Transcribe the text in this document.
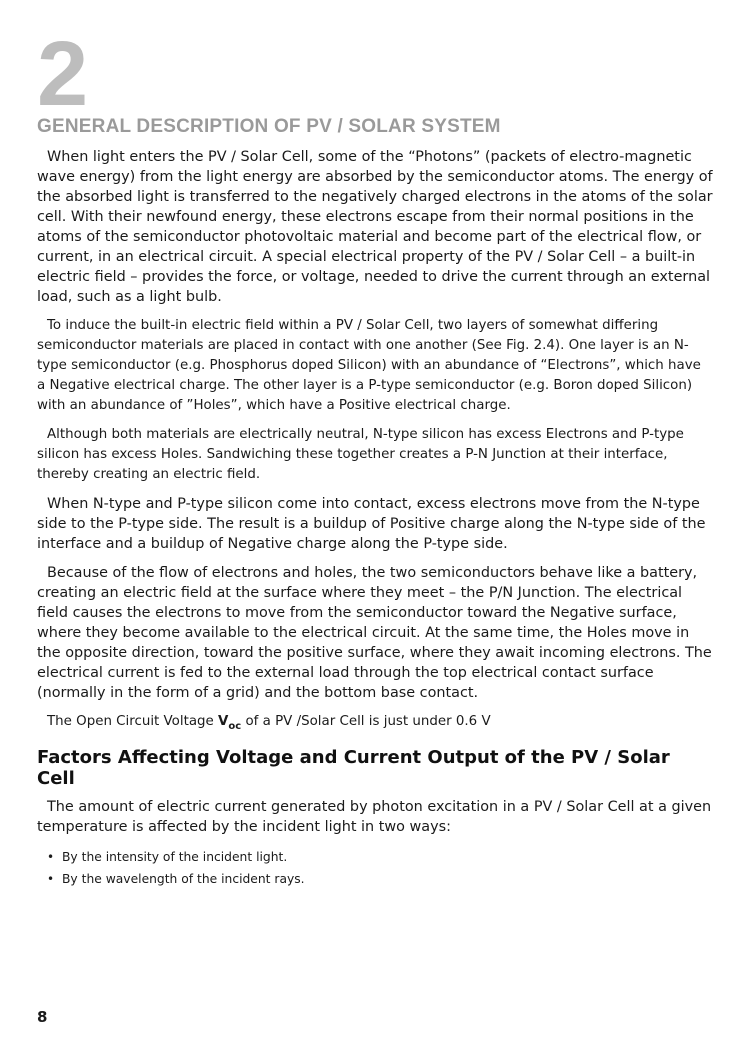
2
GENERAL DESCRIPTION OF PV / SOLAR SYSTEM

When light enters the PV / Solar Cell, some of the “Photons” (packets of electro-magnetic wave energy) from the light energy are absorbed by the semiconductor atoms. The energy of the absorbed light is transferred to the negatively charged electrons in the atoms of the solar cell. With their newfound energy, these electrons escape from their normal positions in the atoms of the semiconductor photovoltaic material and become part of the electrical flow, or current, in an electrical circuit. A special electrical property of the PV / Solar Cell – a built-in electric field – provides the force, or voltage, needed to drive the current through an external load, such as a light bulb.

To induce the built-in electric field within a PV / Solar Cell, two layers of somewhat differing semiconductor materials are placed in contact with one another (See Fig. 2.4). One layer is an N-type semiconductor (e.g. Phosphorus doped Silicon) with an abundance of “Electrons”, which have a Negative electrical charge. The other layer is a P-type semiconductor (e.g. Boron doped Silicon) with an abundance of ”Holes”, which have a Positive electrical charge.

Although both materials are electrically neutral, N-type silicon has excess Electrons and P-type silicon has excess Holes. Sandwiching these together creates a P-N Junction at their interface, thereby creating an electric field.

When N-type and P-type silicon come into contact, excess electrons move from the N-type side to the P-type side. The result is a buildup of Positive charge along the N-type side of the interface and a buildup of Negative charge along the P-type side.

Because of the flow of electrons and holes, the two semiconductors behave like a battery, creating an electric field at the surface where they meet – the P/N Junction. The electrical field causes the electrons to move from the semiconductor toward the Negative surface, where they become available to the electrical circuit. At the same time, the Holes move in the opposite direction, toward the positive surface, where they await incoming electrons. The electrical current is fed to the external load through the top electrical contact surface (normally in the form of a grid) and the bottom base contact.

The Open Circuit Voltage $V_{oc}$ of a PV /Solar Cell is just under 0.6 V

Factors Affecting Voltage and Current Output of the PV / Solar Cell

The amount of electric current generated by photon excitation in a PV / Solar Cell at a given temperature is affected by the incident light in two ways:

• By the intensity of the incident light.
• By the wavelength of the incident rays.
8
